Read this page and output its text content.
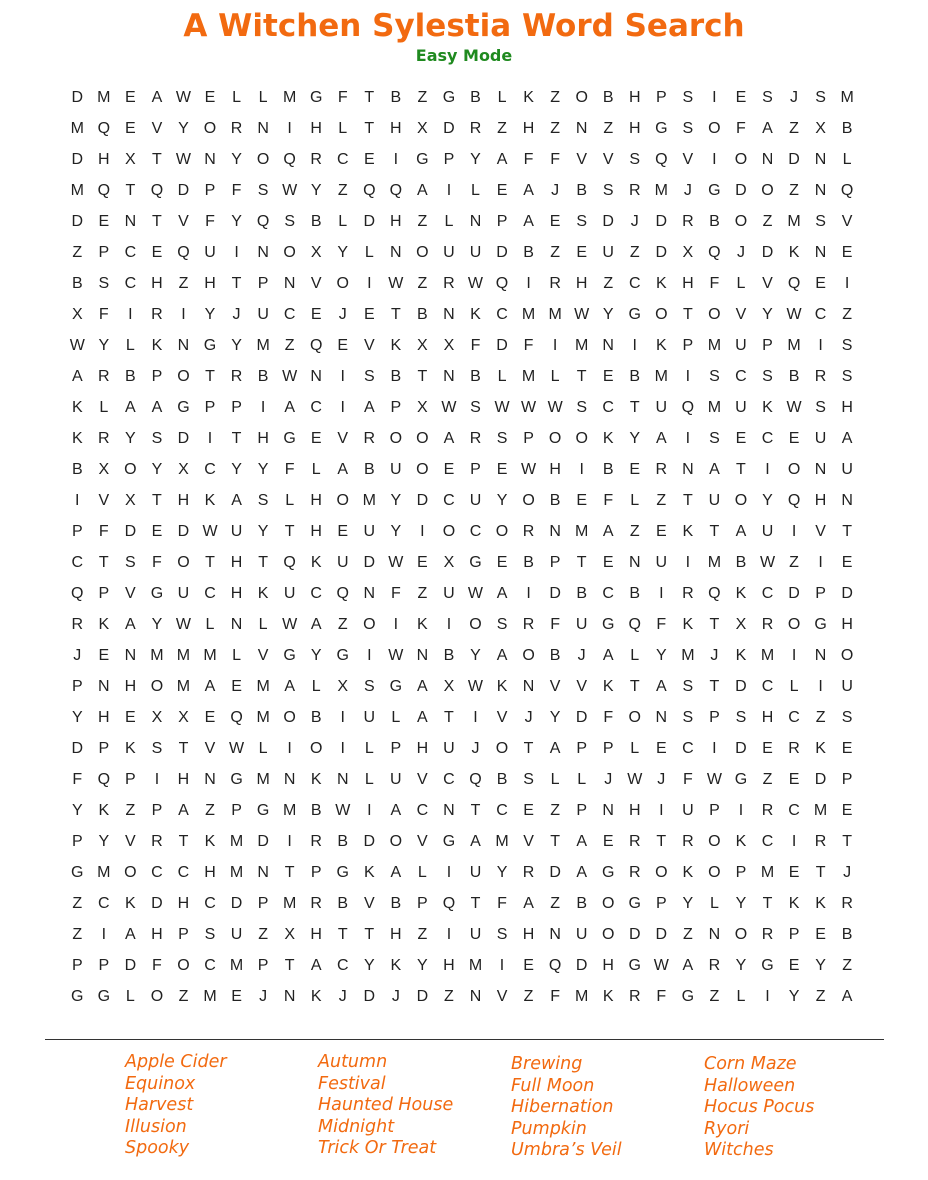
A Witchen Sylestia Word Search
Easy Mode
D M E A W E	L	L M G F	T	B	Z G B	L	K	Z O B H P S	I	E S	J	S M
M Q E V Y O R N	I	H	L	T H X D R Z H Z N Z H G S O F	A	Z	X B
D H X	T W N Y O Q R C E	I	G P Y A	F	F	V V S Q V	I	O N D N	L
M Q T Q D P	F	S W Y	Z Q Q A	I	L	E A	J	B S R M J	G D O Z N Q
D E N T	V	F	Y Q S B	L	D H Z	L	N P A E S D	J	D R B O Z M S V
Z	P C E Q U	I	N O X Y	L	N O U U D B	Z	E U Z D X Q	J	D K N E
B S C H Z H T	P N V O	I	W Z R W Q	I	R H Z C K H F	L	V Q E	I
X	F	I	R	I	Y	J	U C E	J	E	T	B N K C M M W Y G O T O V Y W C Z
W Y	L	K N G Y M Z Q E V K X X	F D F	I	M N	I	K P M U P M	I	S
A R B P O T R B W N	I	S B	T N B	L M L	T	E B M	I	S C S B R S
K	L	A A G P P	I	A C	I	A P X W S W W W S C T U Q M U K W S H
K R Y S D	I	T H G E V R O O A R S P O O K Y A	I	S E C E U A
B X O Y X C Y Y	F	L	A B U O E P E W H	I	B E R N A	T	I	O N U
I	V X	T H K A S	L	H O M Y D C U Y O B E	F	L	Z	T U O Y Q H N
P	F D E D W U Y	T H E U Y	I	O C O R N M A	Z	E K	T	A U	I	V	T
C T	S	F O T H T Q K U D W E X G E B P	T	E N U	I	M B W Z	I	E
Q P V G U C H K U C Q N F	Z U W A	I	D B C B	I	R Q K C D P D
R K A Y W L	N	L W A	Z O	I	K	I	O S R F U G Q F	K	T	X R O G H
J	E N M M M L	V G Y G	I	W N B Y A O B	J	A	L	Y M J	K M	I	N O
P N H O M A E M A	L	X S G A X W K N V V K	T	A S	T D C	L	I	U
Y H E X X E Q M O B	I	U	L	A	T	I	V	J	Y D F O N S P S H C Z	S
D P K S	T	V W L	I	O	I	L	P H U	J	O T	A P P	L	E C	I	D E R K E
F Q P	I	H N G M N K N	L	U V C Q B S	L	L	J W J	F W G Z	E D P
Y K	Z	P A	Z	P G M B W	I	A C N T C E	Z	P N H	I	U P	I	R C M E
P Y V R T	K M D	I	R B D O V G A M V	T	A E R T R O K C	I	R T
G M O C C H M N T	P G K A	L	I	U Y R D A G R O K O P M E	T	J
Z C K D H C D P M R B V B P Q T	F	A	Z	B O G P Y	L	Y	T	K K R
Z	I	A H P S U Z	X H T	T H Z	I	U S H N U O D D Z N O R P E B
P P D F O C M P	T	A C Y K Y H M	I	E Q D H G W A R Y G E Y	Z
G G L O Z M E	J	N K	J	D	J	D Z N V	Z	F M K R F G Z	L	I	Y	Z	A
Apple Cider
Equinox
Harvest
Illusion
Spooky
Autumn
Festival
Haunted House
Midnight
Trick Or Treat
Brewing
Full Moon
Hibernation
Pumpkin
Umbra’s Veil
Corn Maze
Halloween
Hocus Pocus
Ryori
Witches
